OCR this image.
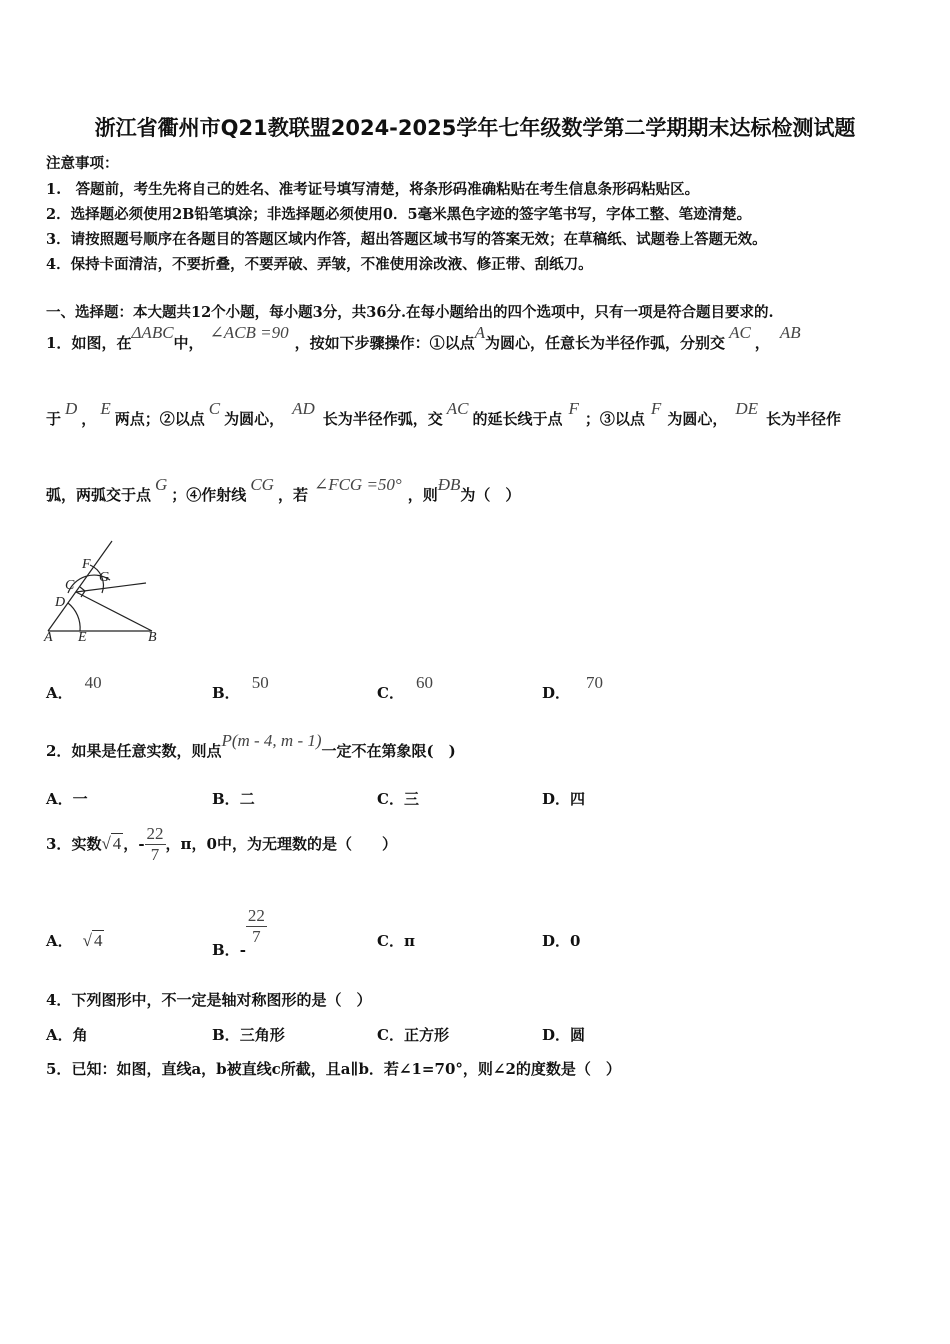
浙江省衢州市Q21教联盟2024-2025学年七年级数学第二学期期末达标检测试题
注意事项：
1.　答题前，考生先将自己的姓名、准考证号填写清楚，将条形码准确粘贴在考生信息条形码粘贴区。
2．选择题必须使用2B铅笔填涂；非选择题必须使用0．5毫米黑色字迹的签字笔书写，字体工整、笔迹清楚。
3．请按照题号顺序在各题目的答题区域内作答，超出答题区域书写的答案无效；在草稿纸、试题卷上答题无效。
4．保持卡面清洁，不要折叠，不要弄破、弄皱，不准使用涂改液、修正带、刮纸刀。
一、选择题：本大题共12个小题，每小题3分，共36分.在每小题给出的四个选项中，只有一项是符合题目要求的.
1．如图，在ΔABC中，∠ACB =90，按如下步骤操作：①以点A为圆心，任意长为半径作弧，分别交AC，AB
于D，E两点；②以点C为圆心，AD长为半径作弧，交AC的延长线于点F；③以点F为圆心，DE长为半径作
弧，两弧交于点G；④作射线CG，若∠FCG =50°，则ÐB为（　）
F
G
C
D
A E	B
A．40
B．50
C．60
D．70
2．如果是任意实数，则点P(m - 4, m - 1)一定不在第象限(　)
A．一	B．二	C．三	D．四
3．实数√ 4 ，- $\frac{22}{7}$ ，π，0中，为无理数的是（　　）
A． √ 4	B．-
$\frac{22}{7}$	C．π	D．0
4．下列图形中，不一定是轴对称图形的是（　）
A．角	B．三角形	C．正方形	D．圆
5．已知：如图，直线a，b被直线c所截，且a∥b．若∠1=70°，则∠2的度数是（　）
